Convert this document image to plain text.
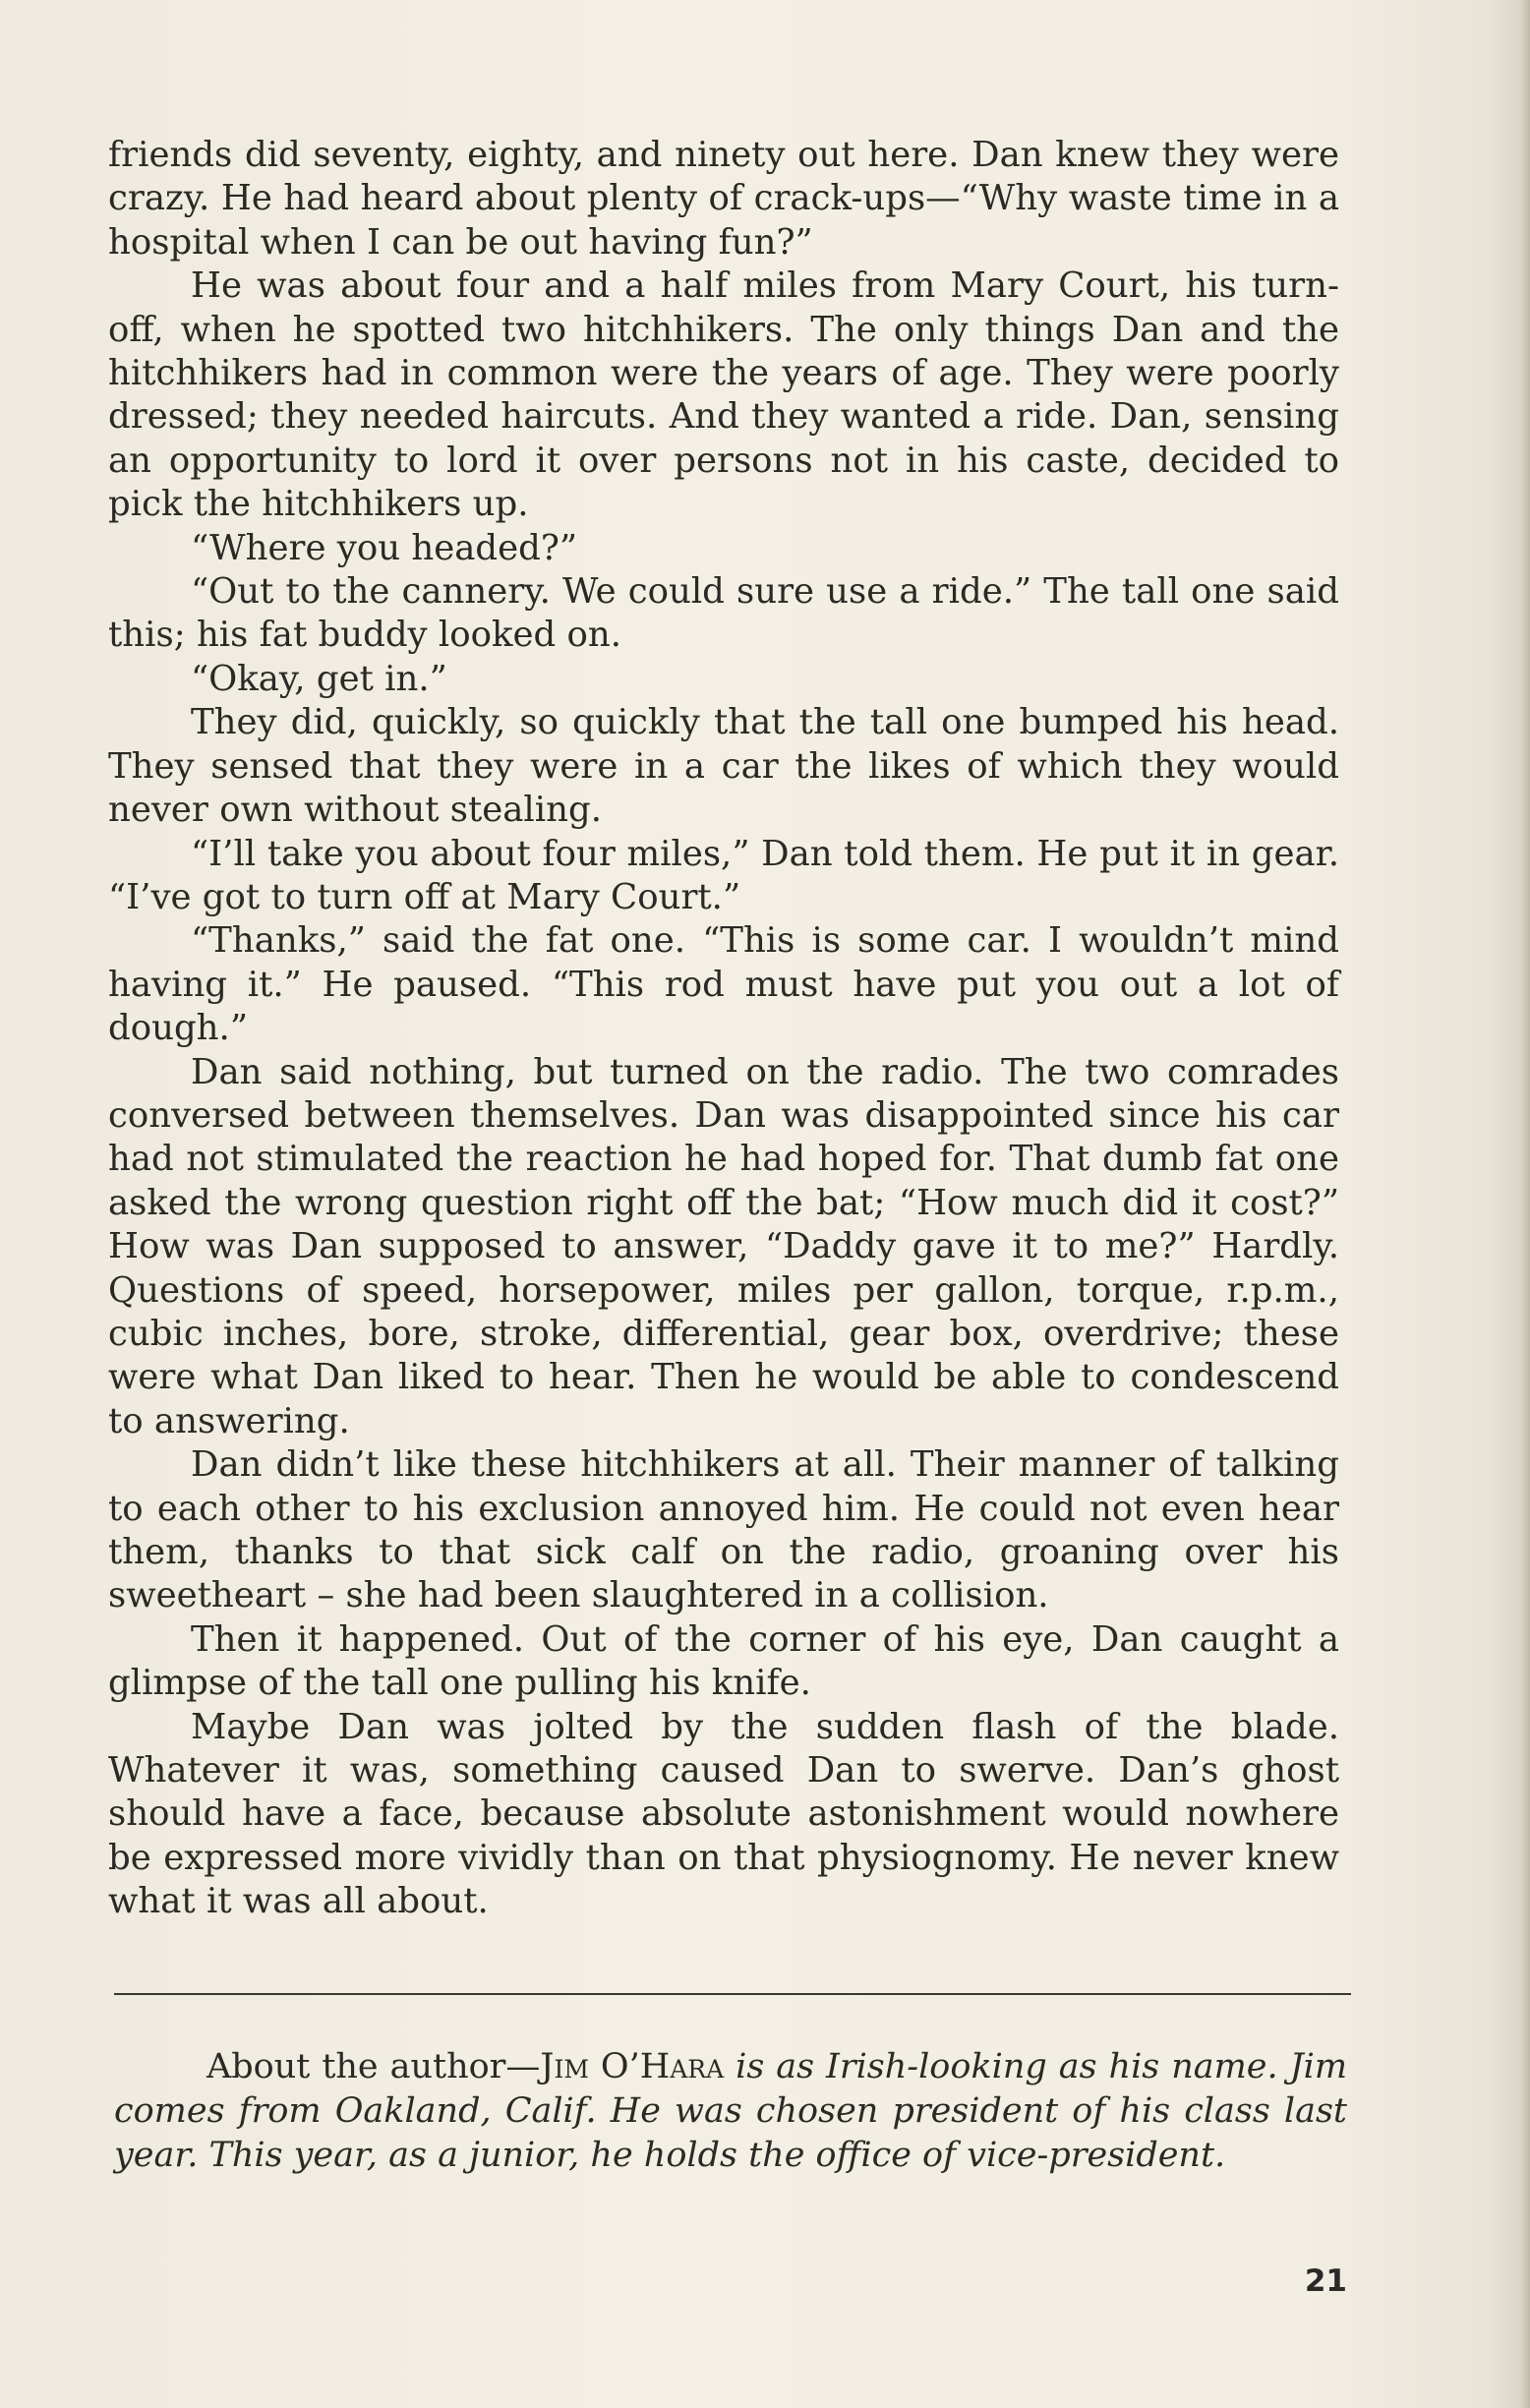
friends did seventy, eighty, and ninety out here. Dan knew they were crazy. He had heard about plenty of crack-ups—“Why waste time in a hospital when I can be out having fun?”

He was about four and a half miles from Mary Court, his turn-off, when he spotted two hitchhikers. The only things Dan and the hitchhikers had in common were the years of age. They were poorly dressed; they needed haircuts. And they wanted a ride. Dan, sensing an opportunity to lord it over persons not in his caste, decided to pick the hitchhikers up.

“Where you headed?”

“Out to the cannery. We could sure use a ride.” The tall one said this; his fat buddy looked on.

“Okay, get in.”

They did, quickly, so quickly that the tall one bumped his head. They sensed that they were in a car the likes of which they would never own without stealing.

“I’ll take you about four miles,” Dan told them. He put it in gear. “I’ve got to turn off at Mary Court.”

“Thanks,” said the fat one. “This is some car. I wouldn’t mind having it.” He paused. “This rod must have put you out a lot of dough.”

Dan said nothing, but turned on the radio. The two comrades conversed between themselves. Dan was disappointed since his car had not stimulated the reaction he had hoped for. That dumb fat one asked the wrong question right off the bat; “How much did it cost?” How was Dan supposed to answer, “Daddy gave it to me?” Hardly. Questions of speed, horsepower, miles per gallon, torque, r.p.m., cubic inches, bore, stroke, differential, gear box, overdrive; these were what Dan liked to hear. Then he would be able to condescend to answering.

Dan didn’t like these hitchhikers at all. Their manner of talking to each other to his exclusion annoyed him. He could not even hear them, thanks to that sick calf on the radio, groaning over his sweetheart – she had been slaughtered in a collision.

Then it happened. Out of the corner of his eye, Dan caught a glimpse of the tall one pulling his knife.

Maybe Dan was jolted by the sudden flash of the blade. Whatever it was, something caused Dan to swerve. Dan’s ghost should have a face, because absolute astonishment would nowhere be expressed more vividly than on that physiognomy. He never knew what it was all about.

About the author—Jim O’Hara is as Irish-looking as his name. Jim comes from Oakland, Calif. He was chosen president of his class last year. This year, as a junior, he holds the office of vice-president.

21
